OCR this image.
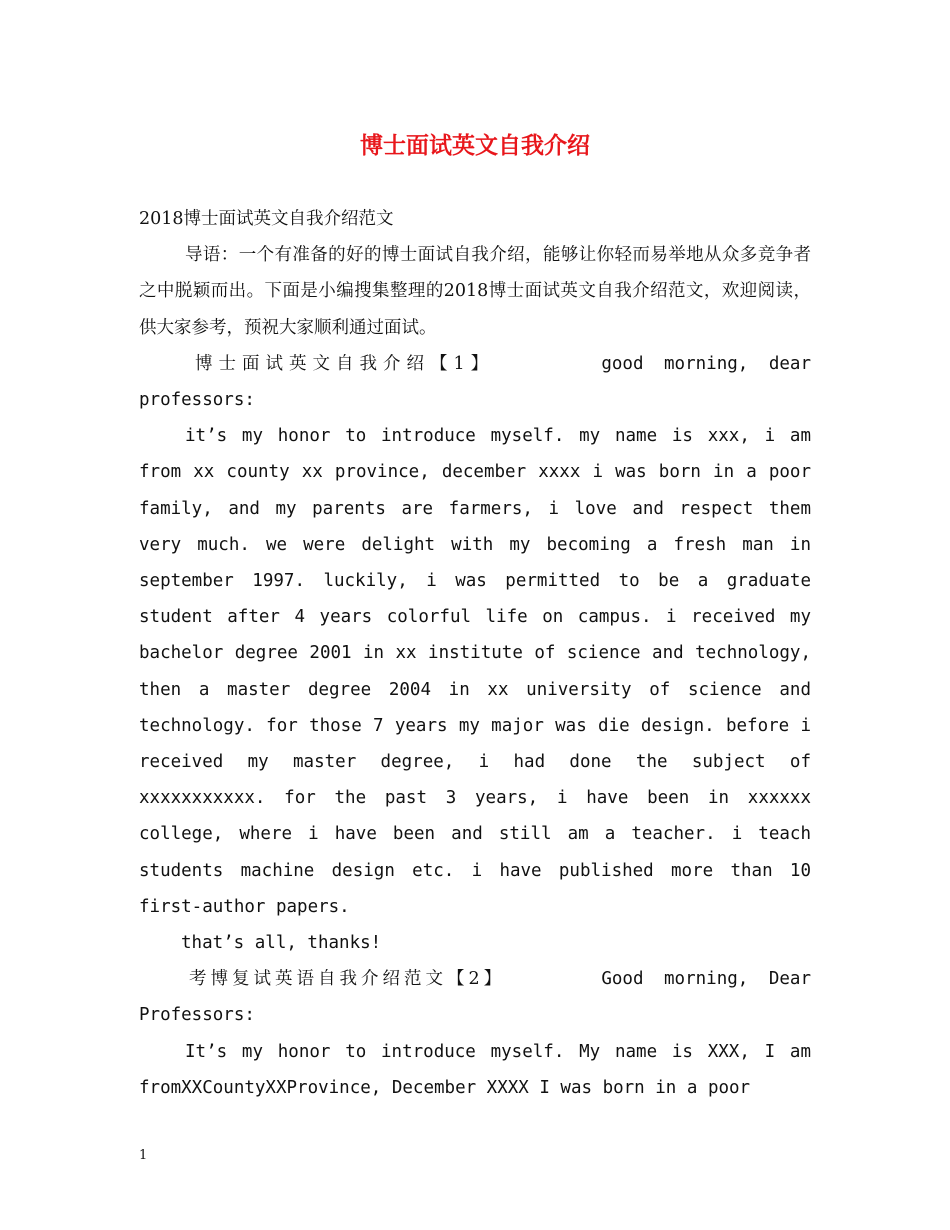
博士面试英文自我介绍

2018博士面试英文自我介绍范文

导语：一个有准备的好的博士面试自我介绍，能够让你轻而易举地从众多竞争者之中脱颖而出。下面是小编搜集整理的2018博士面试英文自我介绍范文，欢迎阅读，供大家参考，预祝大家顺利通过面试。

博士面试英文自我介绍【1】	good morning, dear

professors:

it’s my honor to introduce myself. my name is xxx, i am from xx county xx province, december xxxx i was born in a poor family, and my parents are farmers, i love and respect them very much. we were delight with my becoming a fresh man in september 1997. luckily, i was permitted to be a graduate student after 4 years colorful life on campus. i received my bachelor degree 2001 in xx institute of science and technology, then a master degree 2004 in xx university of science and technology. for those 7 years my major was die design. before i received my master degree, i had done the subject of xxxxxxxxxxx. for the past 3 years, i have been in xxxxxx college, where i have been and still am a teacher. i teach students machine design etc. i have published more than 10 first-author papers.

that’s all, thanks!

考博复试英语自我介绍范文【2】	Good morning, Dear

Professors:

It’s my honor to introduce myself. My name is XXX, I am fromXXCountyXXProvince, December XXXX I was born in a poor

1
